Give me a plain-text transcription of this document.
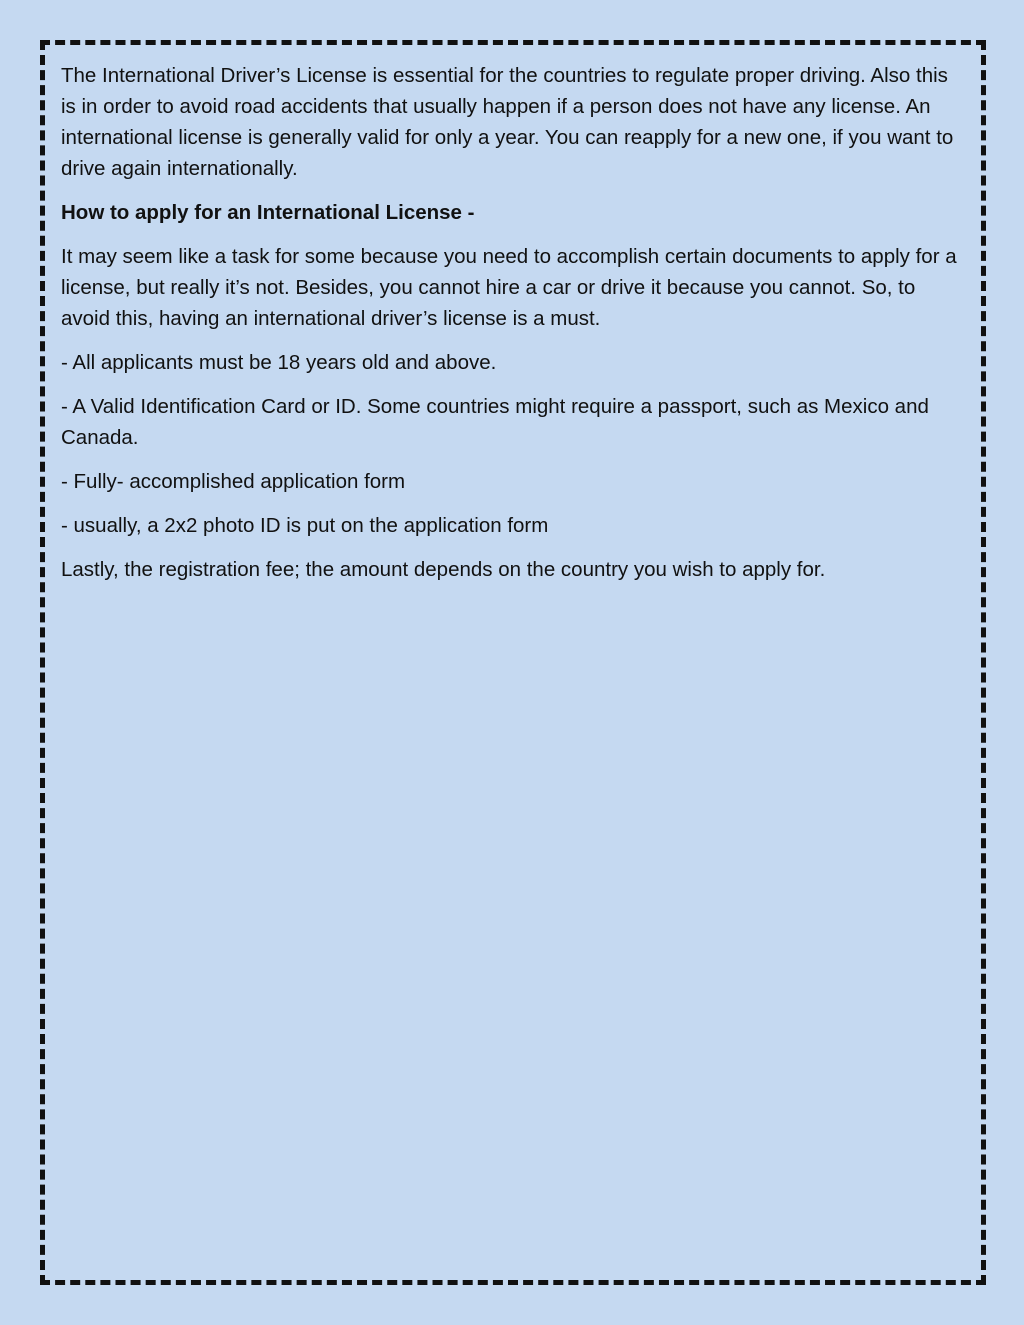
The International Driver’s License is essential for the countries to regulate proper driving. Also this is in order to avoid road accidents that usually happen if a person does not have any license. An international license is generally valid for only a year. You can reapply for a new one, if you want to drive again internationally.

How to apply for an International License -

It may seem like a task for some because you need to accomplish certain documents to apply for a license, but really it’s not. Besides, you cannot hire a car or drive it because you cannot. So, to avoid this, having an international driver’s license is a must.

- All applicants must be 18 years old and above.

- A Valid Identification Card or ID. Some countries might require a passport, such as Mexico and Canada.

- Fully- accomplished application form

- usually, a 2x2 photo ID is put on the application form

Lastly, the registration fee; the amount depends on the country you wish to apply for.
